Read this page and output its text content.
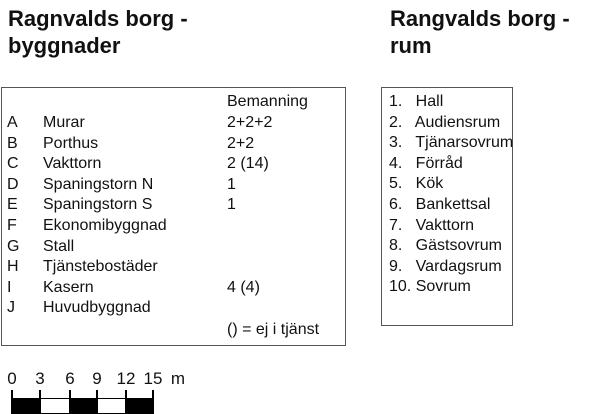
Ragnvalds borg -
byggnader
Rangvalds borg -
rum
Bemanning
A Murar	2+2+2
B Porthus	2+2
C Vakttorn	2 (14)
D Spaningstorn N	1
E Spaningstorn S	1
F Ekonomibyggnad
G Stall
H Tjänstebostäder
I Kasern	4 (4)
J Huvudbyggnad
() = ej i tjänst
1.   Hall
2.   Audiensrum
3.   Tjänarsovrum
4.   Förråd
5.   Kök
6.   Bankettsal
7.   Vakttorn
8.   Gästsovrum
9.   Vardagsrum
10. Sovrum
0 3 6 9 12 15 m
